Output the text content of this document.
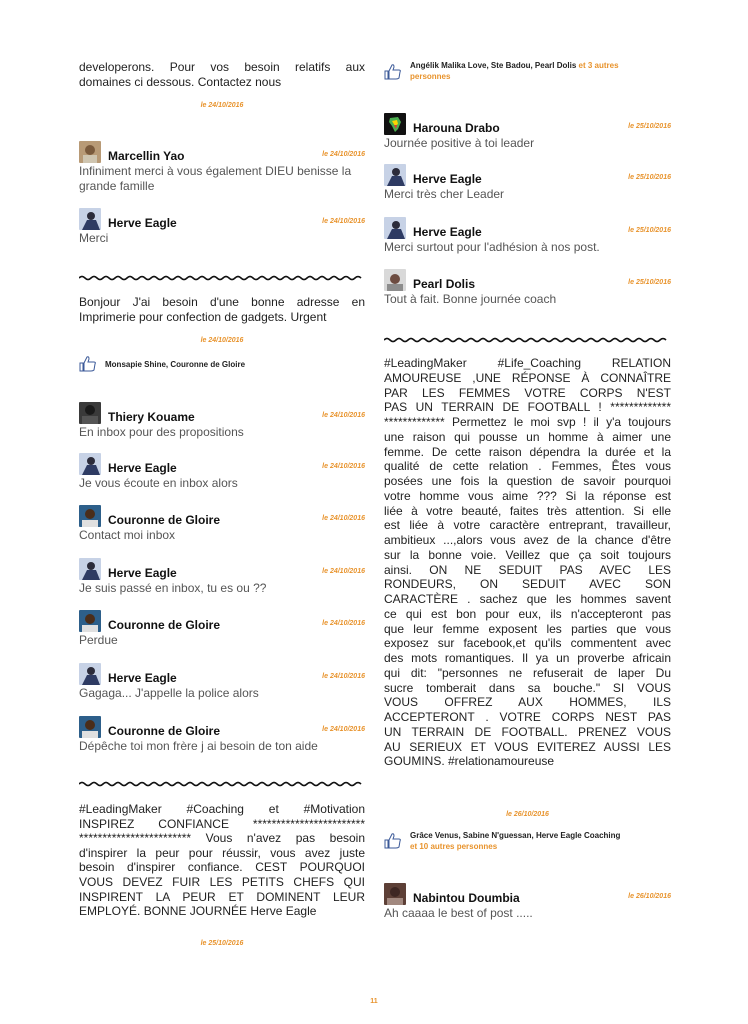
developerons. Pour vos besoin relatifs aux
domaines ci dessous. Contactez nous
le 24/10/2016
Marcellin Yao	le 24/10/2016
Infiniment merci à vous également DIEU benisse la grande famille
Herve Eagle	le 24/10/2016
Merci
Bonjour J'ai besoin d'une bonne adresse en
Imprimerie pour confection de gadgets. Urgent
le 24/10/2016
Monsapie Shine, Couronne de Gloire
Thiery Kouame	le 24/10/2016
En inbox pour des propositions
Herve Eagle	le 24/10/2016
Je vous écoute en inbox alors
Couronne de Gloire	le 24/10/2016
Contact moi inbox
Herve Eagle	le 24/10/2016
Je suis passé en inbox, tu es ou ??
Couronne de Gloire	le 24/10/2016
Perdue
Herve Eagle	le 24/10/2016
Gagaga... J'appelle la police alors
Couronne de Gloire	le 24/10/2016
Dépêche toi mon frère j ai besoin de ton aide
#LeadingMaker #Coaching et #Motivation
INSPIREZ CONFIANCE ************************
************************ Vous n'avez pas besoin
d'inspirer la peur pour réussir, vous avez juste
besoin d'inspirer confiance. CEST POURQUOI
VOUS DEVEZ FUIR LES PETITS CHEFS QUI
INSPIRENT LA PEUR ET DOMINENT LEUR
EMPLOYÉ. BONNE JOURNÉE Herve Eagle
le 25/10/2016
Angélik Malika Love, Ste Badou, Pearl Dolis et 3 autres
personnes
Harouna Drabo	le 25/10/2016
Journée positive à toi leader
Herve Eagle	le 25/10/2016
Merci très cher Leader
Herve Eagle	le 25/10/2016
Merci surtout pour l'adhésion à nos post.
Pearl Dolis	le 25/10/2016
Tout à fait. Bonne journée coach
#LeadingMaker #Life_Coaching RELATION
AMOUREUSE ,UNE RÉPONSE À CONNAÎTRE
PAR LES FEMMES VOTRE CORPS N'EST
PAS UN TERRAIN DE FOOTBALL ! *************
************* Permettez le moi svp ! il y'a toujours
une raison qui pousse un homme à aimer une
femme. De cette raison dépendra la durée et la
qualité de cette relation . Femmes, Êtes vous
posées une fois la question de savoir pourquoi
votre homme vous aime ??? Si la réponse est
liée à votre beauté, faites très attention. Si elle
est liée à votre caractère entreprant, travailleur,
ambitieux ...,alors vous avez de la chance d'être
sur la bonne voie. Veillez que ça soit toujours
ainsi. ON NE SEDUIT PAS AVEC LES
RONDEURS, ON SEDUIT AVEC SON
CARACTÈRE . sachez que les hommes savent
ce qui est bon pour eux, ils n'accepteront pas
que leur femme exposent les parties que vous
exposez sur facebook,et qu'ils commentent avec
des mots romantiques. Il ya un proverbe africain
qui dit: "personnes ne refuserait de laper Du
sucre tomberait dans sa bouche." SI VOUS
VOUS OFFREZ AUX HOMMES, ILS
ACCEPTERONT . VOTRE CORPS NEST PAS
UN TERRAIN DE FOOTBALL. PRENEZ VOUS
AU SERIEUX ET VOUS EVITEREZ AUSSI LES
GOUMINS. #relationamoureuse
le 26/10/2016
Grâce Venus, Sabine N'guessan, Herve Eagle Coaching
et 10 autres personnes
Nabintou Doumbia	le 26/10/2016
Ah caaaa le best of post .....
11
